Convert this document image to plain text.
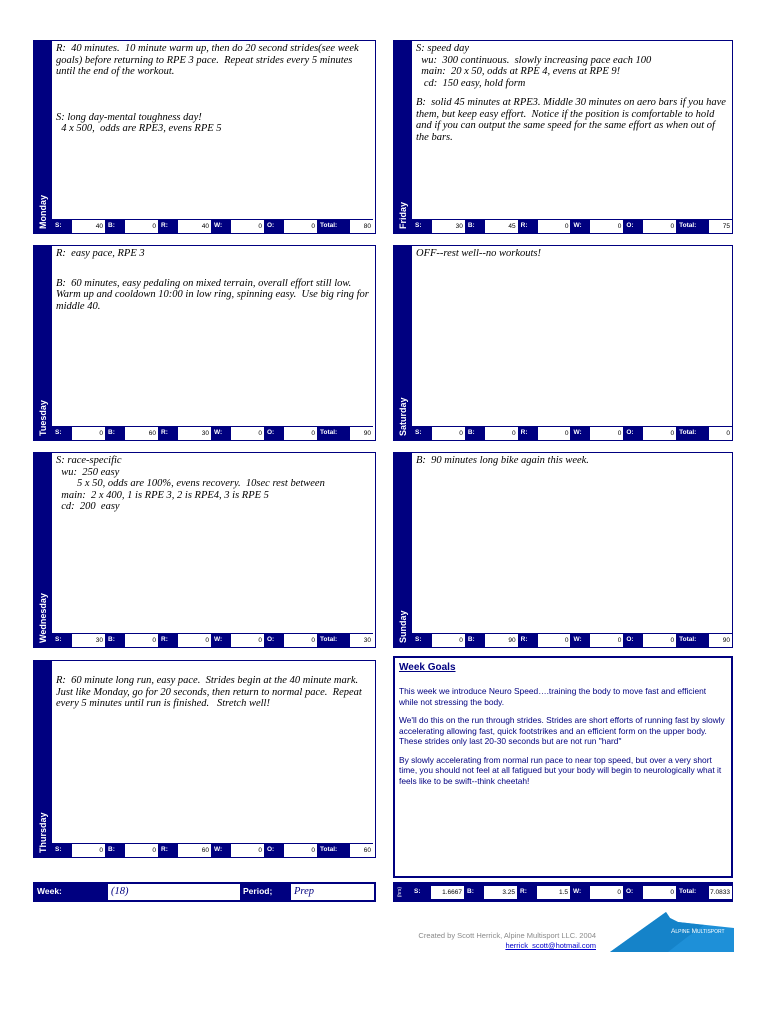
R:  40 minutes.  10 minute warm up, then do 20 second strides(see week goals) before returning to RPE 3 pace.  Repeat strides every 5 minutes until the end of the workout.

S: long day-mental toughness day!
4 x 500,  odds are RPE3, evens RPE 5

Monday	S:	40 B:	0 R:	40 W:	0 O:	0 Total:	80

R:  easy pace, RPE 3

B:  60 minutes, easy pedaling on mixed terrain, overall effort still low.  Warm up and cooldown 10:00 in low ring, spinning easy.  Use big ring for middle 40.

Tuesday	S:	0 B:	60 R:	30 W:	0 O:	0 Total:	90

S: race-specific
wu:  250 easy
5 x 50, odds are 100%, evens recovery.  10sec rest between
main:  2 x 400, 1 is RPE 3, 2 is RPE4, 3 is RPE 5
cd:  200  easy

Wednesday	S:	30 B:	0 R:	0 W:	0 O:	0 Total:	30

R:  60 minute long run, easy pace.  Strides begin at the 40 minute mark.  Just like Monday, go for 20 seconds, then return to normal pace.  Repeat every 5 minutes until run is finished.   Stretch well!

Thursday	S:	0 B:	0 R:	60 W:	0 O:	0 Total:	60

S: speed day
wu:  300 continuous.  slowly increasing pace each 100
main:  20 x 50, odds at RPE 4, evens at RPE 9!
cd:  150 easy, hold form

B:  solid 45 minutes at RPE3. Middle 30 minutes on aero bars if you have them, but keep easy effort.  Notice if the position is comfortable to hold and if you can output the same speed for the same effort as when out of the bars.

Friday	S:	30 B:	45 R:	0 W:	0 O:	0 Total:	75

OFF--rest well--no workouts!

Saturday	S:	0 B:	0 R:	0 W:	0 O:	0 Total:	0

B:  90 minutes long bike again this week.

Sunday	S:	0 B:	90 R:	0 W:	0 O:	0 Total:	90
Week Goals

This week we introduce Neuro Speed….training the body to move fast and efficient while not stressing the body.

We'll do this on the run through strides. Strides are short efforts of running fast by slowly accelerating allowing fast, quick footstrikes and an efficient form on the upper body. These strides only last 20-30 seconds but are not run "hard"

By slowly accelerating from normal run pace to near top speed, but over a very short time, you should not feel at all fatigued but your body will begin to neurologically what it feels like to be swift--think cheetah!

Week:	(18)	Period; Prep	(hrs)	S:	1.6667 B:	3.25 R:	1.5 W:	0 O:	0 Total:	7.0833
Created by Scott Herrick, Alpine Multisport LLC. 2004
herrick_scott@hotmail.com
Alpine Multisport
